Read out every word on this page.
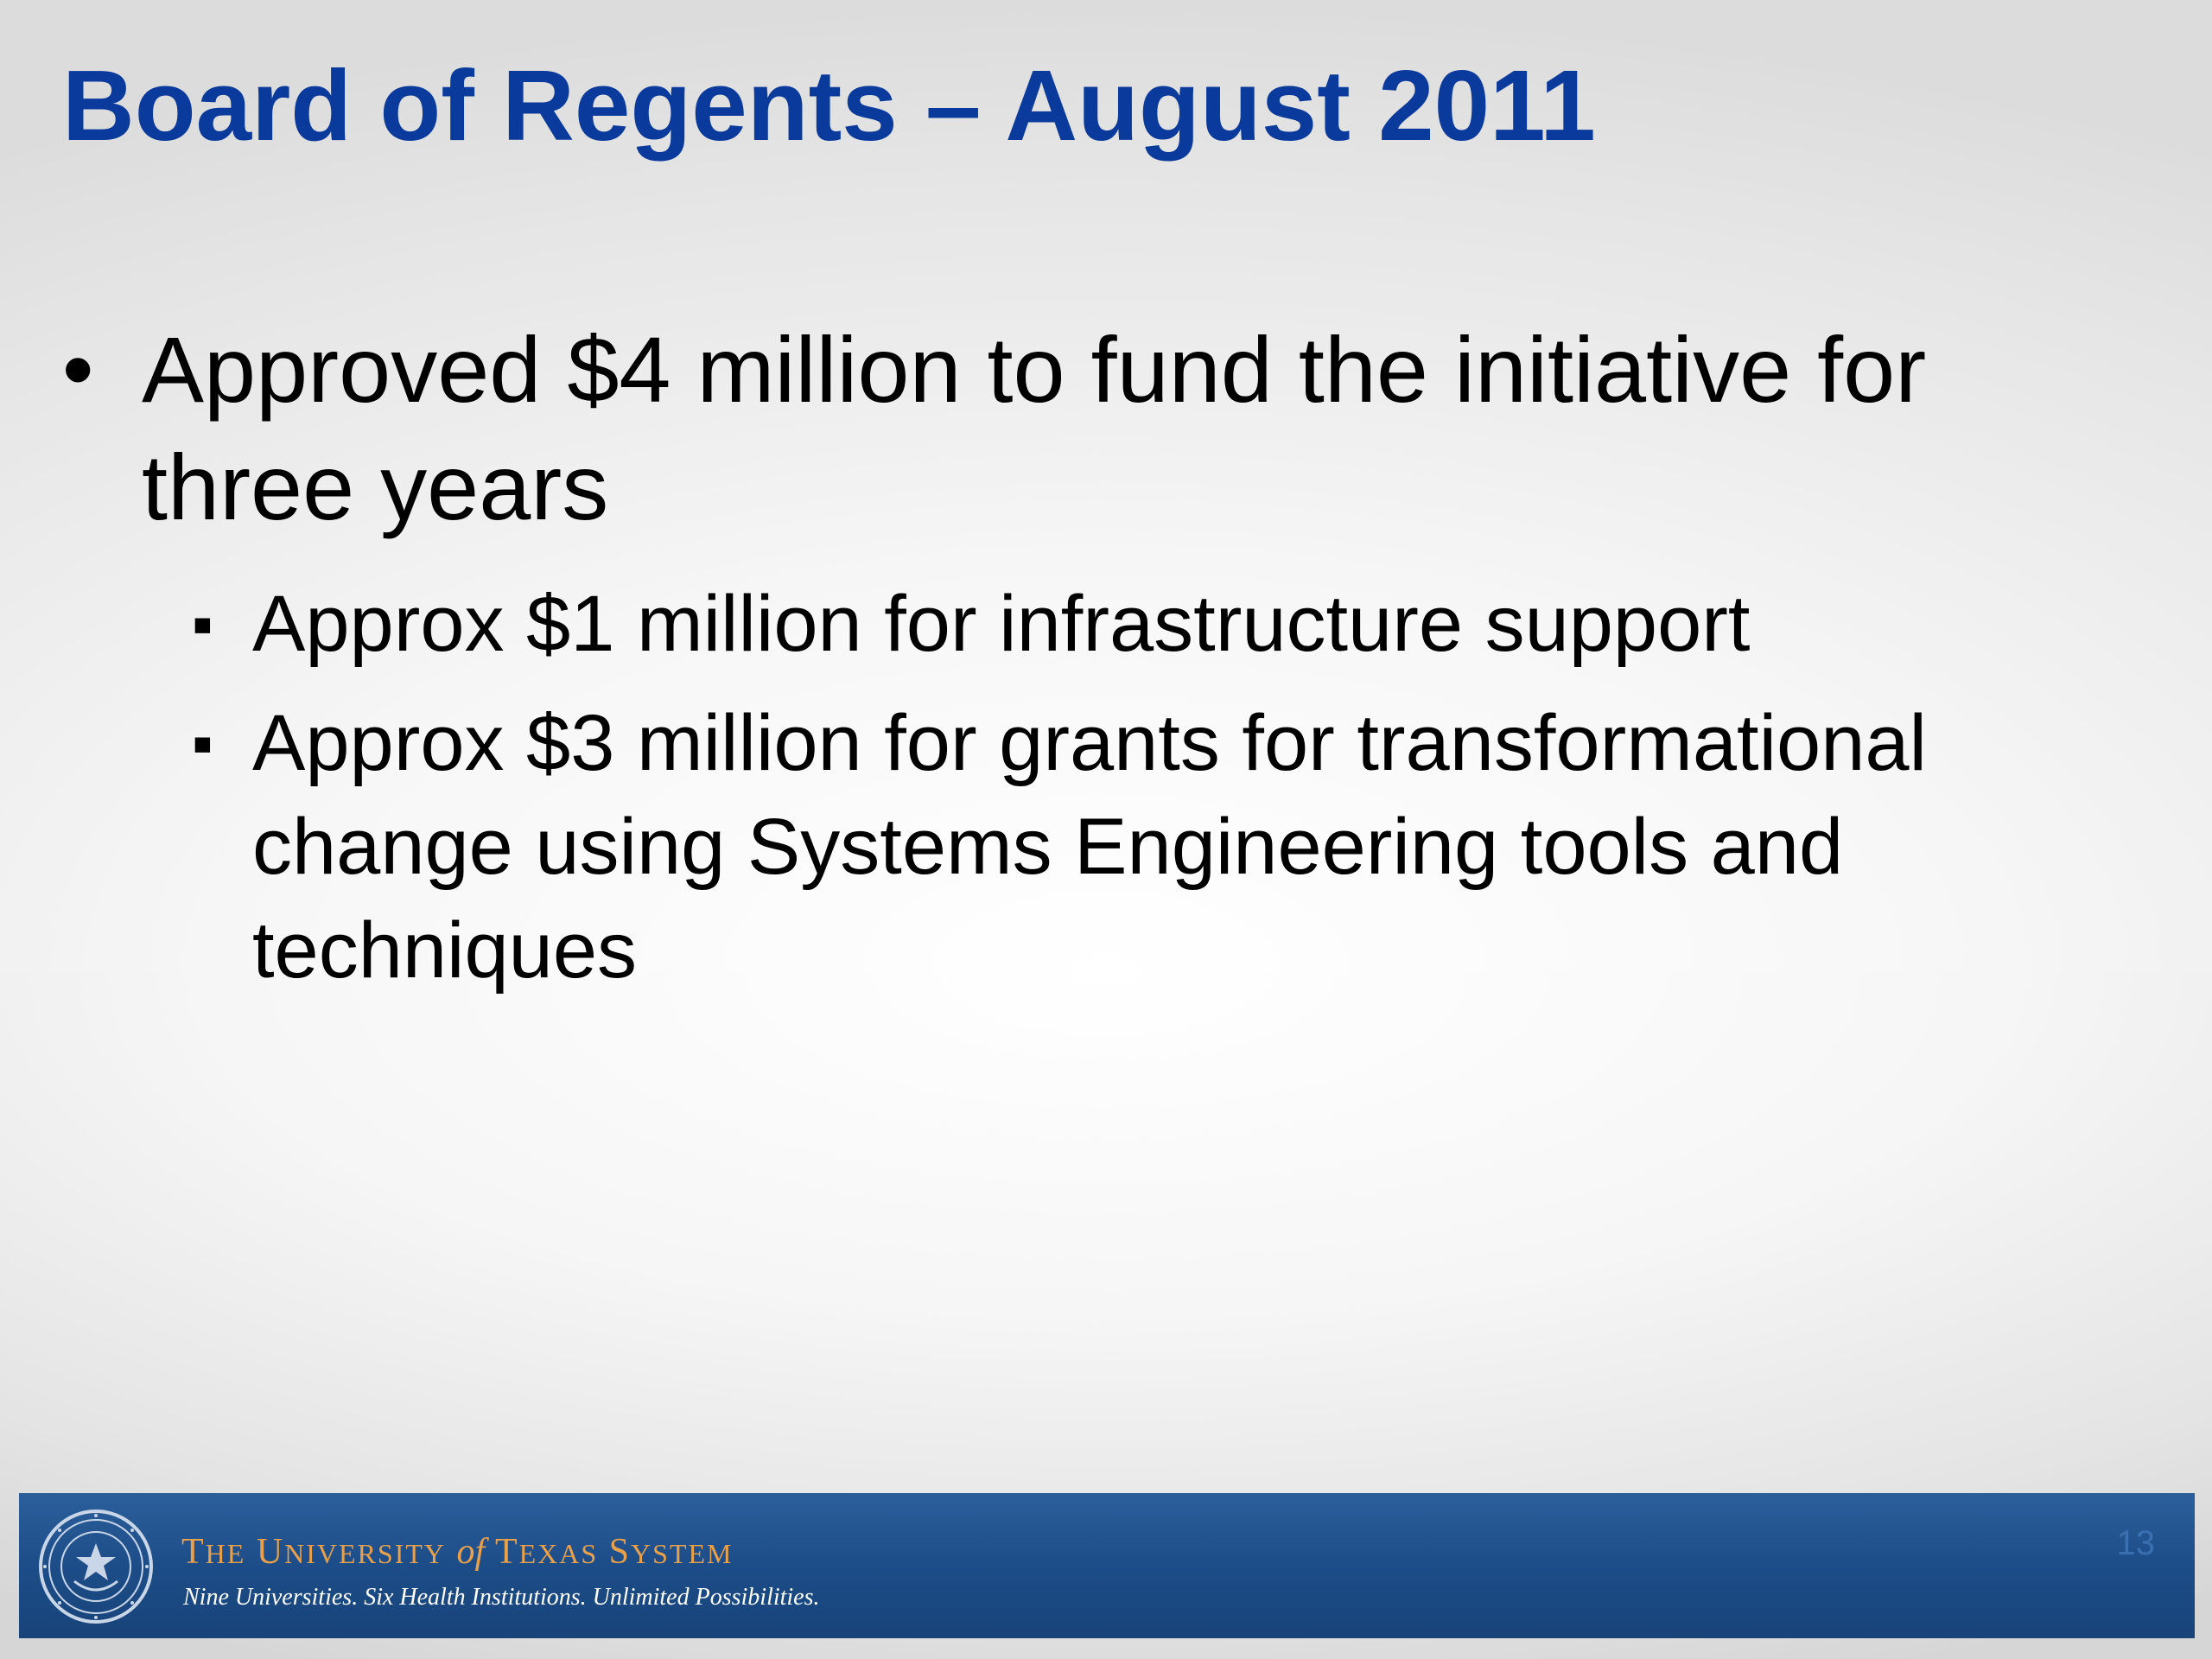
Board of Regents – August 2011
• Approved $4 million to fund the initiative for three years
▪ Approx $1 million for infrastructure support
▪ Approx $3 million for grants for transformational change using Systems Engineering tools and techniques
THE UNIVERSITY of TEXAS SYSTEM
Nine Universities. Six Health Institutions. Unlimited Possibilities.
13
